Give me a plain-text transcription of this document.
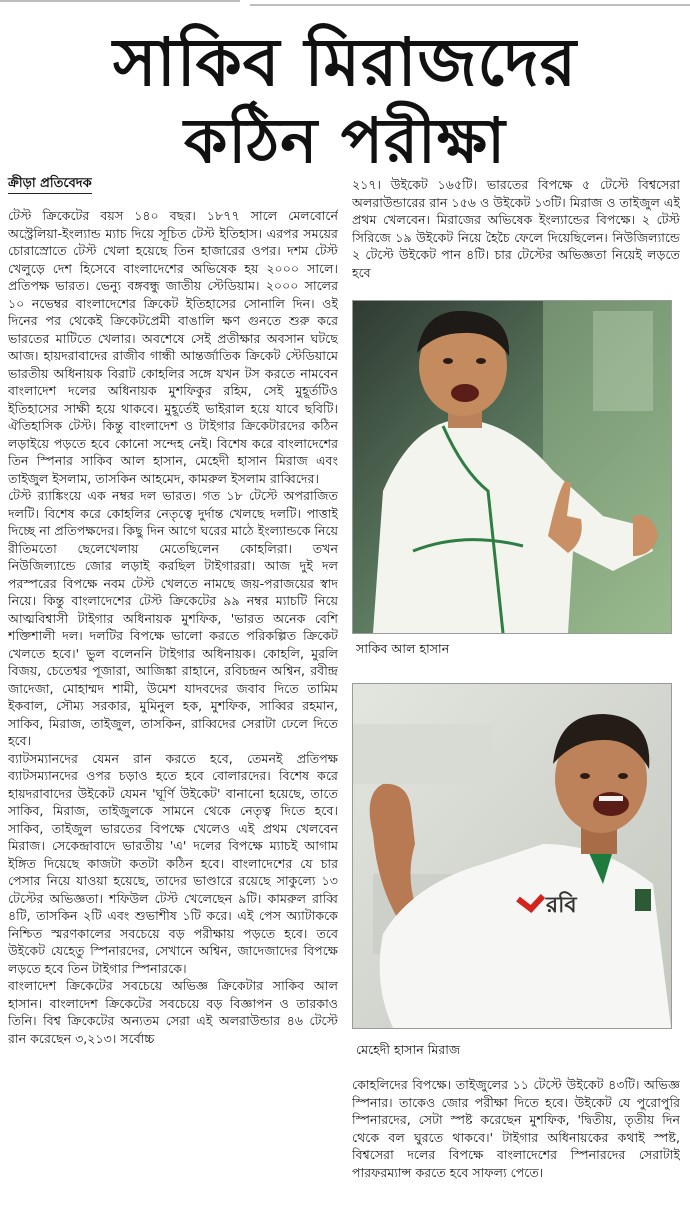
সাকিব মিরাজদের
কঠিন পরীক্ষা
ক্রীড়া প্রতিবেদক

টেস্ট ক্রিকেটের বয়স ১৪০ বছর। ১৮৭৭ সালে মেলবোর্নে অস্ট্রেলিয়া-ইংল্যান্ড ম্যাচ দিয়ে সূচিত টেস্ট ইতিহাস। এরপর সময়ের চোরাস্রোতে টেস্ট খেলা হয়েছে তিন হাজারের ওপর। দশম টেস্ট খেলুড়ে দেশ হিসেবে বাংলাদেশের অভিষেক হয় ২০০০ সালে। প্রতিপক্ষ ভারত। ভেন্যু বঙ্গবন্ধু জাতীয় স্টেডিয়াম। ২০০০ সালের ১০ নভেম্বর বাংলাদেশের ক্রিকেট ইতিহাসের সোনালি দিন। ওই দিনের পর থেকেই ক্রিকেটপ্রেমী বাঙালি ক্ষণ গুনতে শুরু করে ভারতের মাটিতে খেলার। অবশেষে সেই প্রতীক্ষার অবসান ঘটছে আজ। হায়দরাবাদের রাজীব গান্ধী আন্তর্জাতিক ক্রিকেট স্টেডিয়ামে ভারতীয় অধিনায়ক বিরাট কোহলির সঙ্গে যখন টস করতে নামবেন বাংলাদেশ দলের অধিনায়ক মুশফিকুর রহিম, সেই মুহূর্তটিও ইতিহাসের সাক্ষী হয়ে থাকবে। মুহূর্তেই ভাইরাল হয়ে যাবে ছবিটি। ঐতিহাসিক টেস্ট। কিন্তু বাংলাদেশ ও টাইগার ক্রিকেটারদের কঠিন লড়াইয়ে পড়তে হবে কোনো সন্দেহ নেই। বিশেষ করে বাংলাদেশের তিন স্পিনার সাকিব আল হাসান, মেহেদী হাসান মিরাজ এবং তাইজুল ইসলাম, তাসকিন আহমেদ, কামরুল ইসলাম রাব্বিদের।

টেস্ট র‌্যাঙ্কিংয়ে এক নম্বর দল ভারত। গত ১৮ টেস্টে অপরাজিত দলটি। বিশেষ করে কোহলির নেতৃত্বে দুর্দান্ত খেলছে দলটি। পাত্তাই দিচ্ছে না প্রতিপক্ষদের। কিছু দিন আগে ঘরের মাঠে ইংল্যান্ডকে নিয়ে রীতিমতো ছেলেখেলায় মেতেছিলেন কোহলিরা। তখন নিউজিল্যান্ডে জোর লড়াই করছিল টাইগাররা। আজ দুই দল পরস্পরের বিপক্ষে নবম টেস্ট খেলতে নামছে জয়-পরাজয়ের স্বাদ নিয়ে। কিন্তু বাংলাদেশের টেস্ট ক্রিকেটের ৯৯ নম্বর ম্যাচটি নিয়ে আত্মবিশ্বাসী টাইগার অধিনায়ক মুশফিক, 'ভারত অনেক বেশি শক্তিশালী দল। দলটির বিপক্ষে ভালো করতে পরিকল্পিত ক্রিকেট খেলতে হবে।' ভুল বলেননি টাইগার অধিনায়ক। কোহলি, মুরলি বিজয়, চেতেশ্বর পূজারা, আজিঙ্কা রাহানে, রবিচন্দ্রন অশ্বিন, রবীন্দ্র জাদেজা, মোহাম্মদ শামী, উমেশ যাদবদের জবাব দিতে তামিম ইকবাল, সৌম্য সরকার, মুমিনুল হক, মুশফিক, সাব্বির রহমান, সাকিব, মিরাজ, তাইজুল, তাসকিন, রাব্বিদের সেরাটা ঢেলে দিতে হবে।

ব্যাটসম্যানদের যেমন রান করতে হবে, তেমনই প্রতিপক্ষ ব্যাটসম্যানদের ওপর চড়াও হতে হবে বোলারদের। বিশেষ করে হায়দরাবাদের উইকেট যেমন 'ঘূর্ণি উইকেট' বানানো হয়েছে, তাতে সাকিব, মিরাজ, তাইজুলকে সামনে থেকে নেতৃত্ব দিতে হবে। সাকিব, তাইজুল ভারতের বিপক্ষে খেলেও এই প্রথম খেলবেন মিরাজ। সেকেন্দ্রাবাদে ভারতীয় 'এ' দলের বিপক্ষে ম্যাচই আগাম ইঙ্গিত দিয়েছে কাজটা কতটা কঠিন হবে। বাংলাদেশের যে চার পেসার নিয়ে যাওয়া হয়েছে, তাদের ভাণ্ডারে রয়েছে সাকুল্যে ১৩ টেস্টের অভিজ্ঞতা। শফিউল টেস্ট খেলেছেন ৯টি। কামরুল রাব্বি ৪টি, তাসকিন ২টি এবং শুভাশীষ ১টি করে। এই পেস অ্যাটাককে নিশ্চিত স্মরণকালের সবচেয়ে বড় পরীক্ষায় পড়তে হবে। তবে উইকেট যেহেতু স্পিনারদের, সেখানে অশ্বিন, জাদেজাদের বিপক্ষে লড়তে হবে তিন টাইগার স্পিনারকে।

বাংলাদেশ ক্রিকেটের সবচেয়ে অভিজ্ঞ ক্রিকেটার সাকিব আল হাসান। বাংলাদেশ ক্রিকেটের সবচেয়ে বড় বিজ্ঞাপন ও তারকাও তিনি। বিশ্ব ক্রিকেটের অন্যতম সেরা এই অলরাউন্ডার ৪৬ টেস্টে রান করেছেন ৩,২১৩। সর্বোচ্চ

২১৭। উইকেট ১৬৫টি। ভারতের বিপক্ষে ৫ টেস্টে বিশ্বসেরা অলরাউন্ডারের রান ১৫৬ ও উইকেট ১৩টি। মিরাজ ও তাইজুল এই প্রথম খেলবেন। মিরাজের অভিষেক ইংল্যান্ডের বিপক্ষে। ২ টেস্ট সিরিজে ১৯ উইকেট নিয়ে হৈচৈ ফেলে দিয়েছিলেন। নিউজিল্যান্ডে ২ টেস্টে উইকেট পান ৪টি। চার টেস্টের অভিজ্ঞতা নিয়েই লড়তে হবে

সাকিব আল হাসান
রবি
মেহেদী হাসান মিরাজ

কোহলিদের বিপক্ষে। তাইজুলের ১১ টেস্টে উইকেট ৪৩টি। অভিজ্ঞ স্পিনার। তাকেও জোর পরীক্ষা দিতে হবে। উইকেট যে পুরোপুরি স্পিনারদের, সেটা স্পষ্ট করেছেন মুশফিক, 'দ্বিতীয়, তৃতীয় দিন থেকে বল ঘুরতে থাকবে।' টাইগার অধিনায়কের কথাই স্পষ্ট, বিশ্বসেরা দলের বিপক্ষে বাংলাদেশের স্পিনারদের সেরাটাই পারফরম্যান্স করতে হবে সাফল্য পেতে।
